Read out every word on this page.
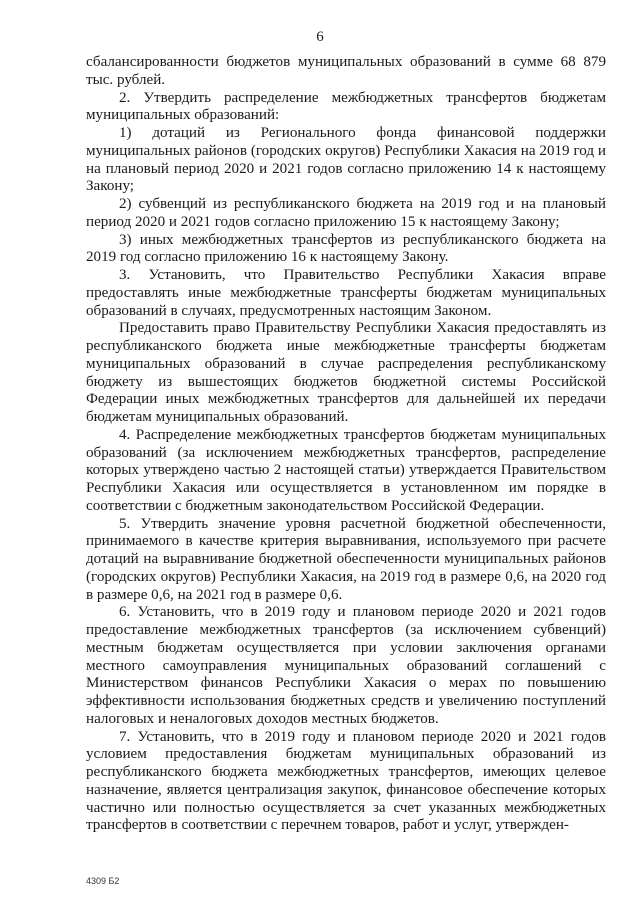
6

сбалансированности бюджетов муниципальных образований в сумме 68 879 тыс. рублей.

2. Утвердить распределение межбюджетных трансфертов бюджетам муниципальных образований:

1) дотаций из Регионального фонда финансовой поддержки муниципальных районов (городских округов) Республики Хакасия на 2019 год и на плановый период 2020 и 2021 годов согласно приложению 14 к настоящему Закону;

2) субвенций из республиканского бюджета на 2019 год и на плановый период 2020 и 2021 годов согласно приложению 15 к настоящему Закону;

3) иных межбюджетных трансфертов из республиканского бюджета на 2019 год согласно приложению 16 к настоящему Закону.

3. Установить, что Правительство Республики Хакасия вправе предоставлять иные межбюджетные трансферты бюджетам муниципальных образований в случаях, предусмотренных настоящим Законом.

Предоставить право Правительству Республики Хакасия предоставлять из республиканского бюджета иные межбюджетные трансферты бюджетам муниципальных образований в случае распределения республиканскому бюджету из вышестоящих бюджетов бюджетной системы Российской Федерации иных межбюджетных трансфертов для дальнейшей их передачи бюджетам муниципальных образований.

4. Распределение межбюджетных трансфертов бюджетам муниципальных образований (за исключением межбюджетных трансфертов, распределение которых утверждено частью 2 настоящей статьи) утверждается Правительством Республики Хакасия или осуществляется в установленном им порядке в соответствии с бюджетным законодательством Российской Федерации.

5. Утвердить значение уровня расчетной бюджетной обеспеченности, принимаемого в качестве критерия выравнивания, используемого при расчете дотаций на выравнивание бюджетной обеспеченности муниципальных районов (городских округов) Республики Хакасия, на 2019 год в размере 0,6, на 2020 год в размере 0,6, на 2021 год в размере 0,6.

6. Установить, что в 2019 году и плановом периоде 2020 и 2021 годов предоставление межбюджетных трансфертов (за исключением субвенций) местным бюджетам осуществляется при условии заключения органами местного самоуправления муниципальных образований соглашений с Министерством финансов Республики Хакасия о мерах по повышению эффективности использования бюджетных средств и увеличению поступлений налоговых и неналоговых доходов местных бюджетов.

7. Установить, что в 2019 году и плановом периоде 2020 и 2021 годов условием предоставления бюджетам муниципальных образований из республиканского бюджета межбюджетных трансфертов, имеющих целевое назначение, является централизация закупок, финансовое обеспечение которых частично или полностью осуществляется за счет указанных межбюджетных трансфертов в соответствии с перечнем товаров, работ и услуг, утвержден-

4309 Б2
